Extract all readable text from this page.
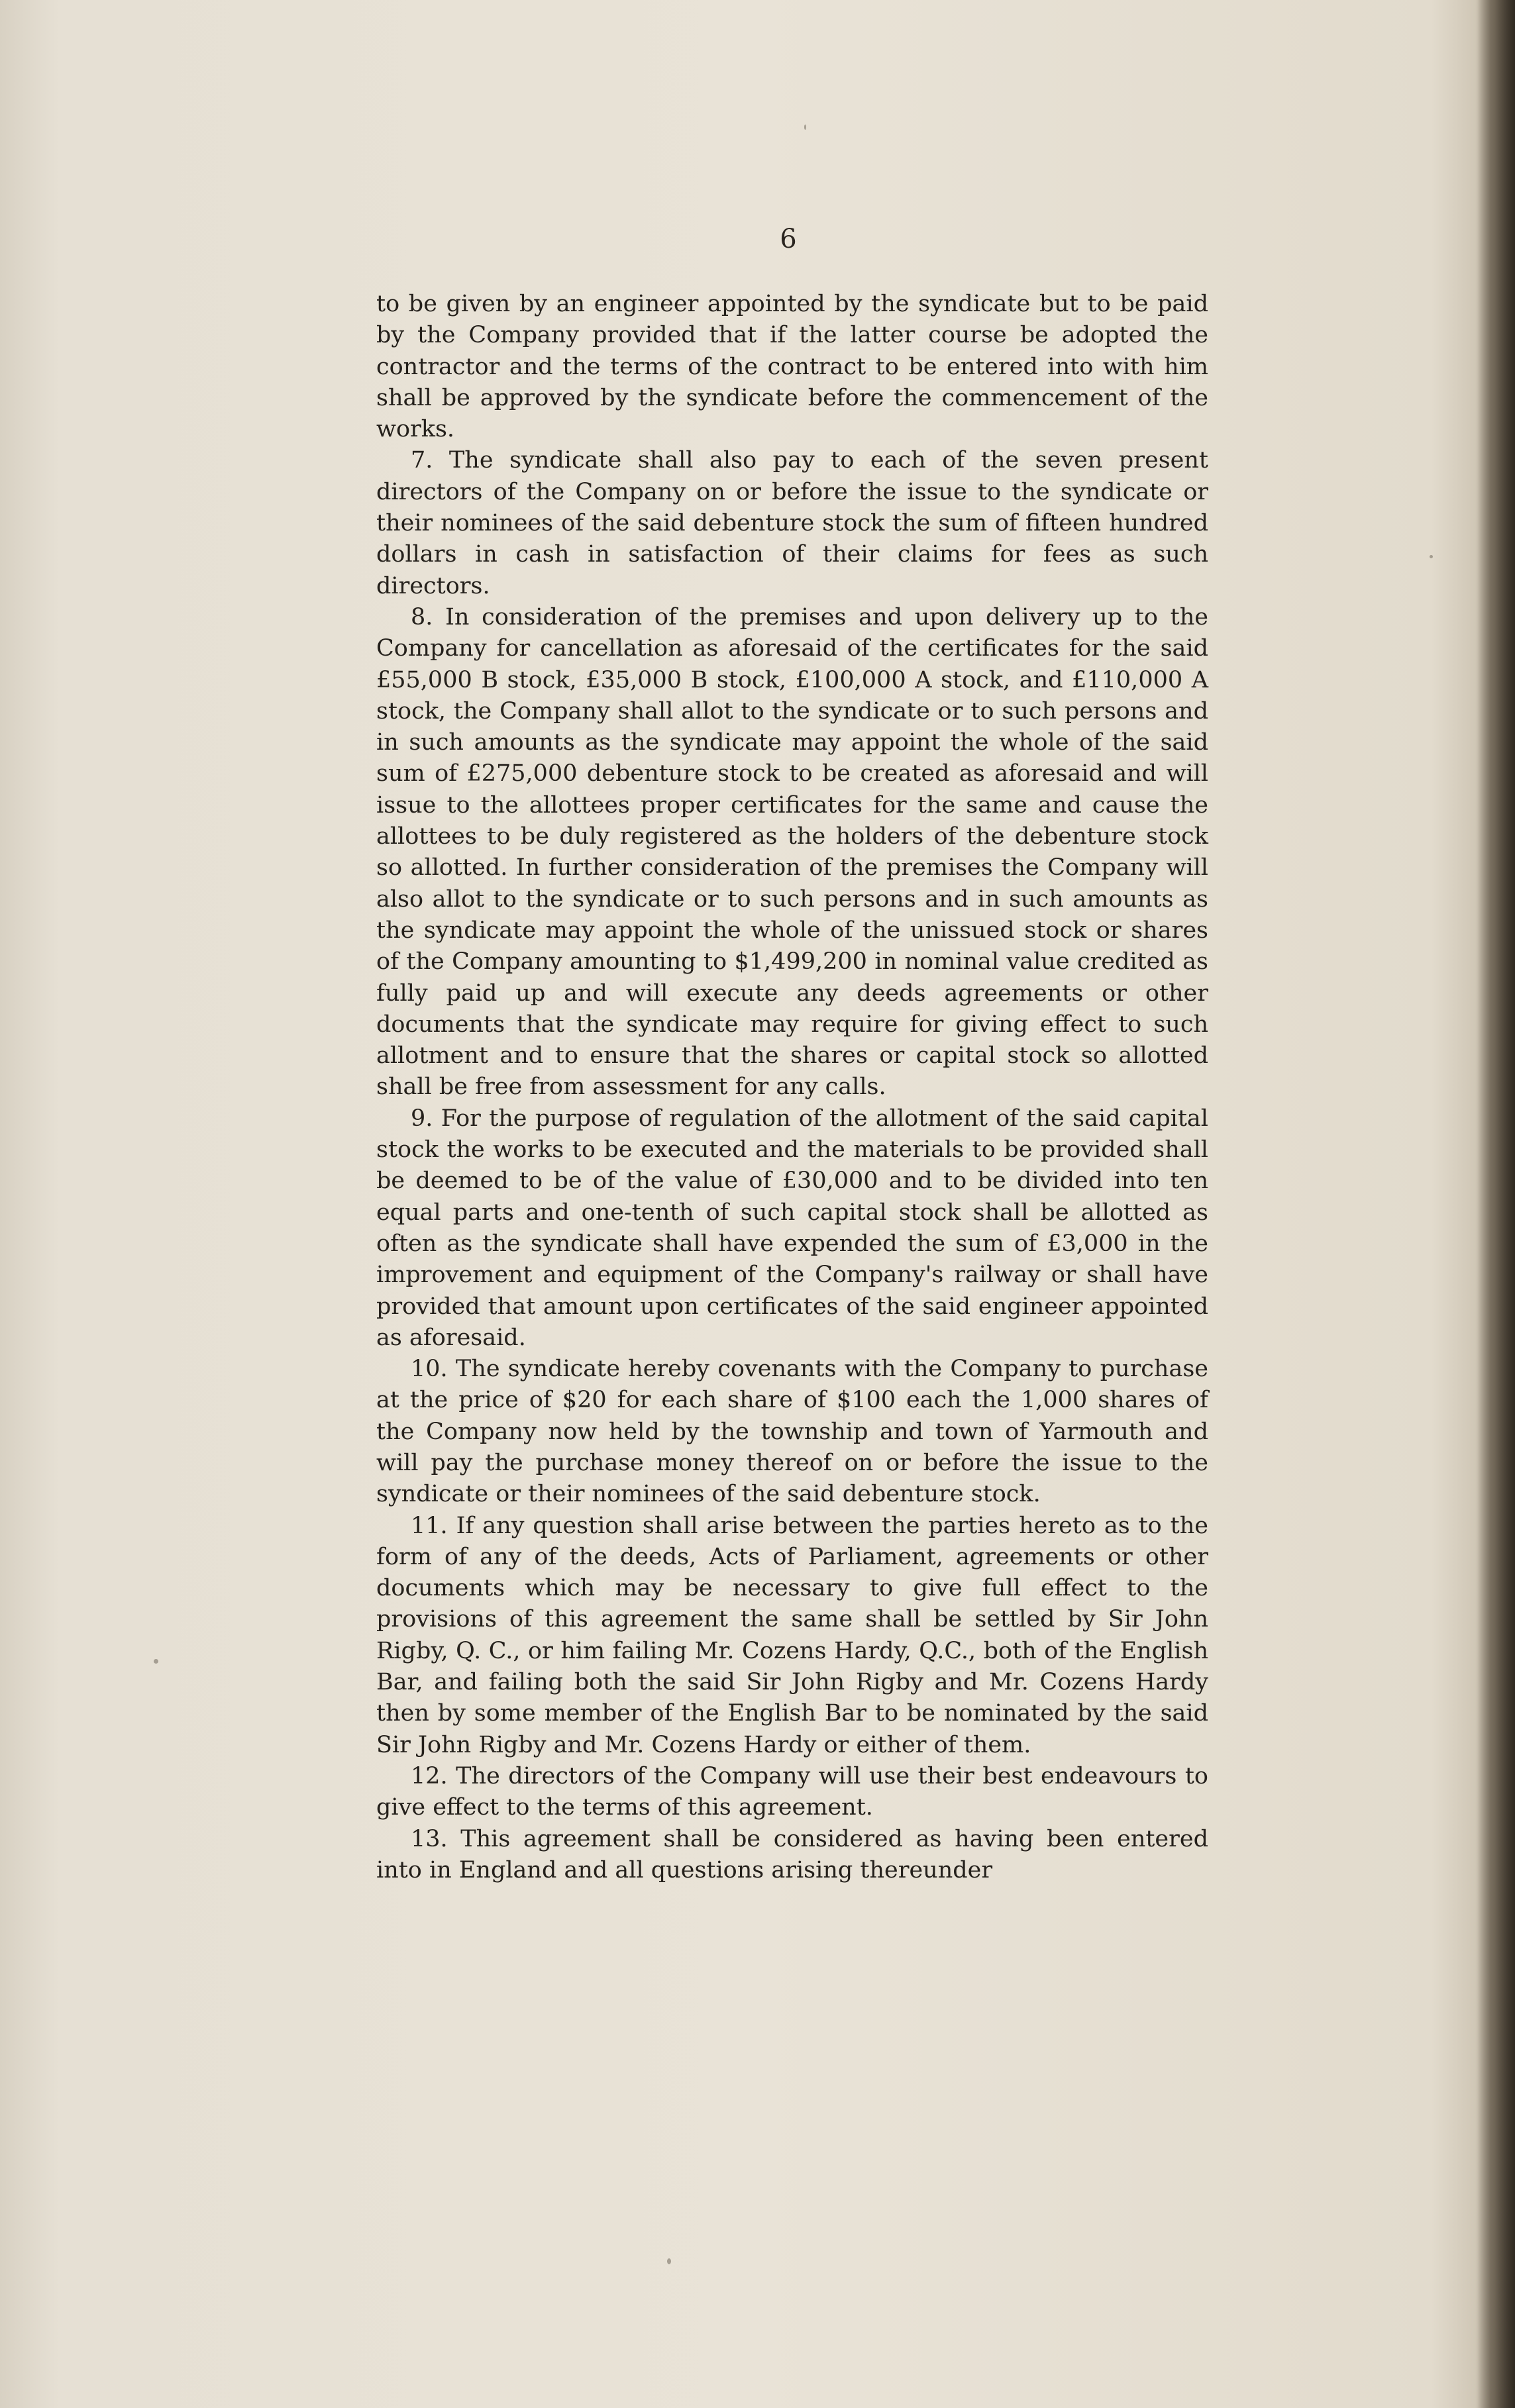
6

to be given by an engineer appointed by the syndicate but to be paid by the Company provided that if the latter course be adopted the contractor and the terms of the contract to be entered into with him shall be approved by the syndicate before the commencement of the works.

7. The syndicate shall also pay to each of the seven present directors of the Company on or before the issue to the syndicate or their nominees of the said debenture stock the sum of fifteen hundred dollars in cash in satisfaction of their claims for fees as such directors.

8. In consideration of the premises and upon delivery up to the Company for cancellation as aforesaid of the certificates for the said £55,000 B stock, £35,000 B stock, £100,000 A stock, and £110,000 A stock, the Company shall allot to the syndicate or to such persons and in such amounts as the syndicate may appoint the whole of the said sum of £275,000 debenture stock to be created as aforesaid and will issue to the allottees proper certificates for the same and cause the allottees to be duly registered as the holders of the debenture stock so allotted. In further consideration of the premises the Company will also allot to the syndicate or to such persons and in such amounts as the syndicate may appoint the whole of the unissued stock or shares of the Company amounting to $1,499,200 in nominal value credited as fully paid up and will execute any deeds agreements or other documents that the syndicate may require for giving effect to such allotment and to ensure that the shares or capital stock so allotted shall be free from assessment for any calls.

9. For the purpose of regulation of the allotment of the said capital stock the works to be executed and the materials to be provided shall be deemed to be of the value of £30,000 and to be divided into ten equal parts and one-tenth of such capital stock shall be allotted as often as the syndicate shall have expended the sum of £3,000 in the improvement and equipment of the Company's railway or shall have provided that amount upon certificates of the said engineer appointed as aforesaid.

10. The syndicate hereby covenants with the Company to purchase at the price of $20 for each share of $100 each the 1,000 shares of the Company now held by the township and town of Yarmouth and will pay the purchase money thereof on or before the issue to the syndicate or their nominees of the said debenture stock.

11. If any question shall arise between the parties hereto as to the form of any of the deeds, Acts of Parliament, agreements or other documents which may be necessary to give full effect to the provisions of this agreement the same shall be settled by Sir John Rigby, Q. C., or him failing Mr. Cozens Hardy, Q.C., both of the English Bar, and failing both the said Sir John Rigby and Mr. Cozens Hardy then by some member of the English Bar to be nominated by the said Sir John Rigby and Mr. Cozens Hardy or either of them.

12. The directors of the Company will use their best endeavours to give effect to the terms of this agreement.

13. This agreement shall be considered as having been entered into in England and all questions arising thereunder
